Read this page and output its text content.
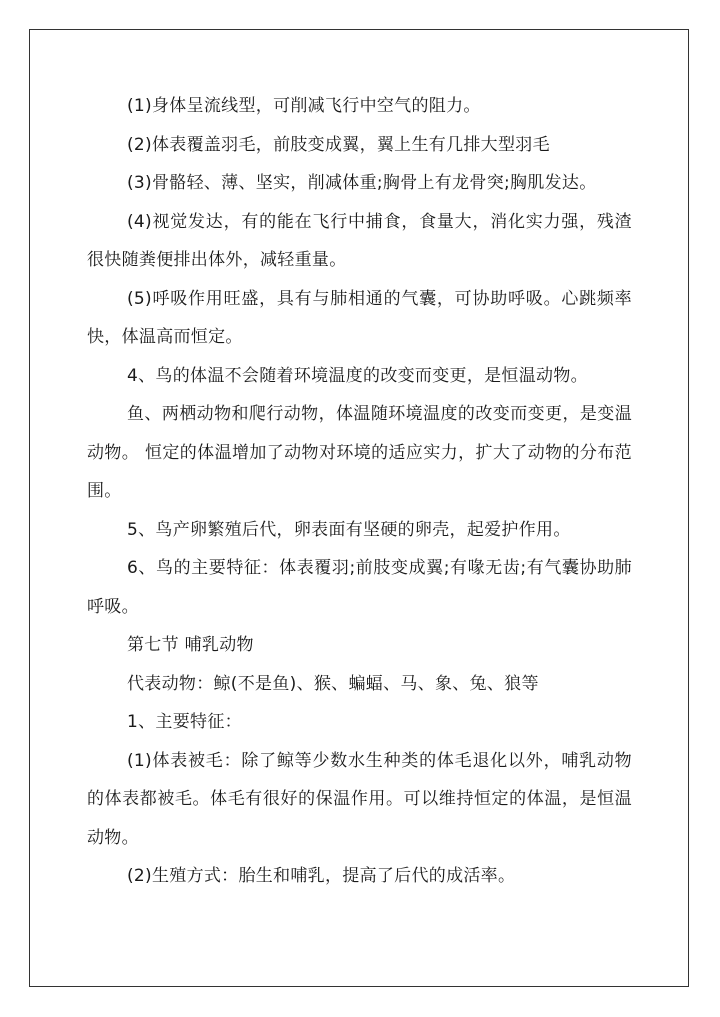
(1)身体呈流线型，可削减飞行中空气的阻力。

(2)体表覆盖羽毛，前肢变成翼，翼上生有几排大型羽毛

(3)骨骼轻、薄、坚实，削减体重;胸骨上有龙骨突;胸肌发达。

(4)视觉发达，有的能在飞行中捕食，食量大，消化实力强，残渣很快随粪便排出体外，减轻重量。

(5)呼吸作用旺盛，具有与肺相通的气囊，可协助呼吸。心跳频率快，体温高而恒定。

4、鸟的体温不会随着环境温度的改变而变更，是恒温动物。

鱼、两栖动物和爬行动物，体温随环境温度的改变而变更，是变温动物。 恒定的体温增加了动物对环境的适应实力，扩大了动物的分布范围。

5、鸟产卵繁殖后代，卵表面有坚硬的卵壳，起爱护作用。

6、鸟的主要特征：体表覆羽;前肢变成翼;有喙无齿;有气囊协助肺呼吸。

第七节 哺乳动物

代表动物：鲸(不是鱼)、猴、蝙蝠、马、象、兔、狼等

1、主要特征：

(1)体表被毛：除了鲸等少数水生种类的体毛退化以外，哺乳动物的体表都被毛。体毛有很好的保温作用。可以维持恒定的体温，是恒温动物。

(2)生殖方式：胎生和哺乳，提高了后代的成活率。
